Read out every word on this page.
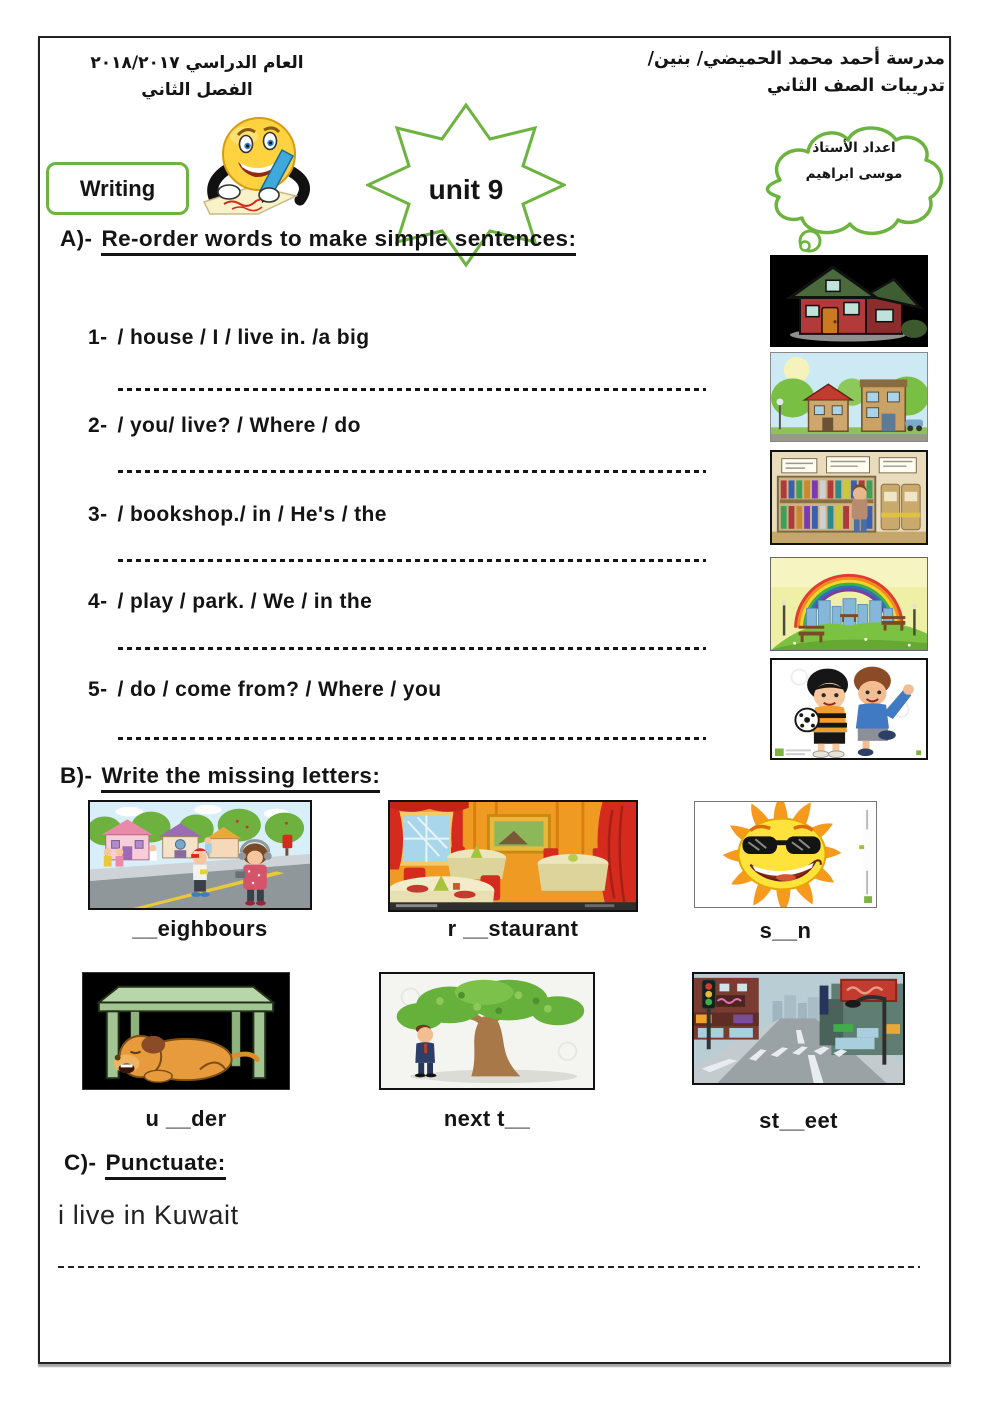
العام الدراسي ٢٠١٨/٢٠١٧
الفصل الثاني
مدرسة أحمد محمد الحميضي/ بنين/
تدريبات الصف الثاني
Writing	unit 9
اعداد الأستاذ
موسى ابراهيم
A)- Re-order words to make simple sentences:
1- / house / I / live in. /a big
2- / you/ live? / Where / do
3- / bookshop./ in / He's / the
4- / play / park. / We / in the
5- / do / come from? / Where / you
B)- Write the missing letters:
__eighbours	r __staurant	s__n
u __der	next t__	st__eet
C)- Punctuate:
i live in Kuwait
